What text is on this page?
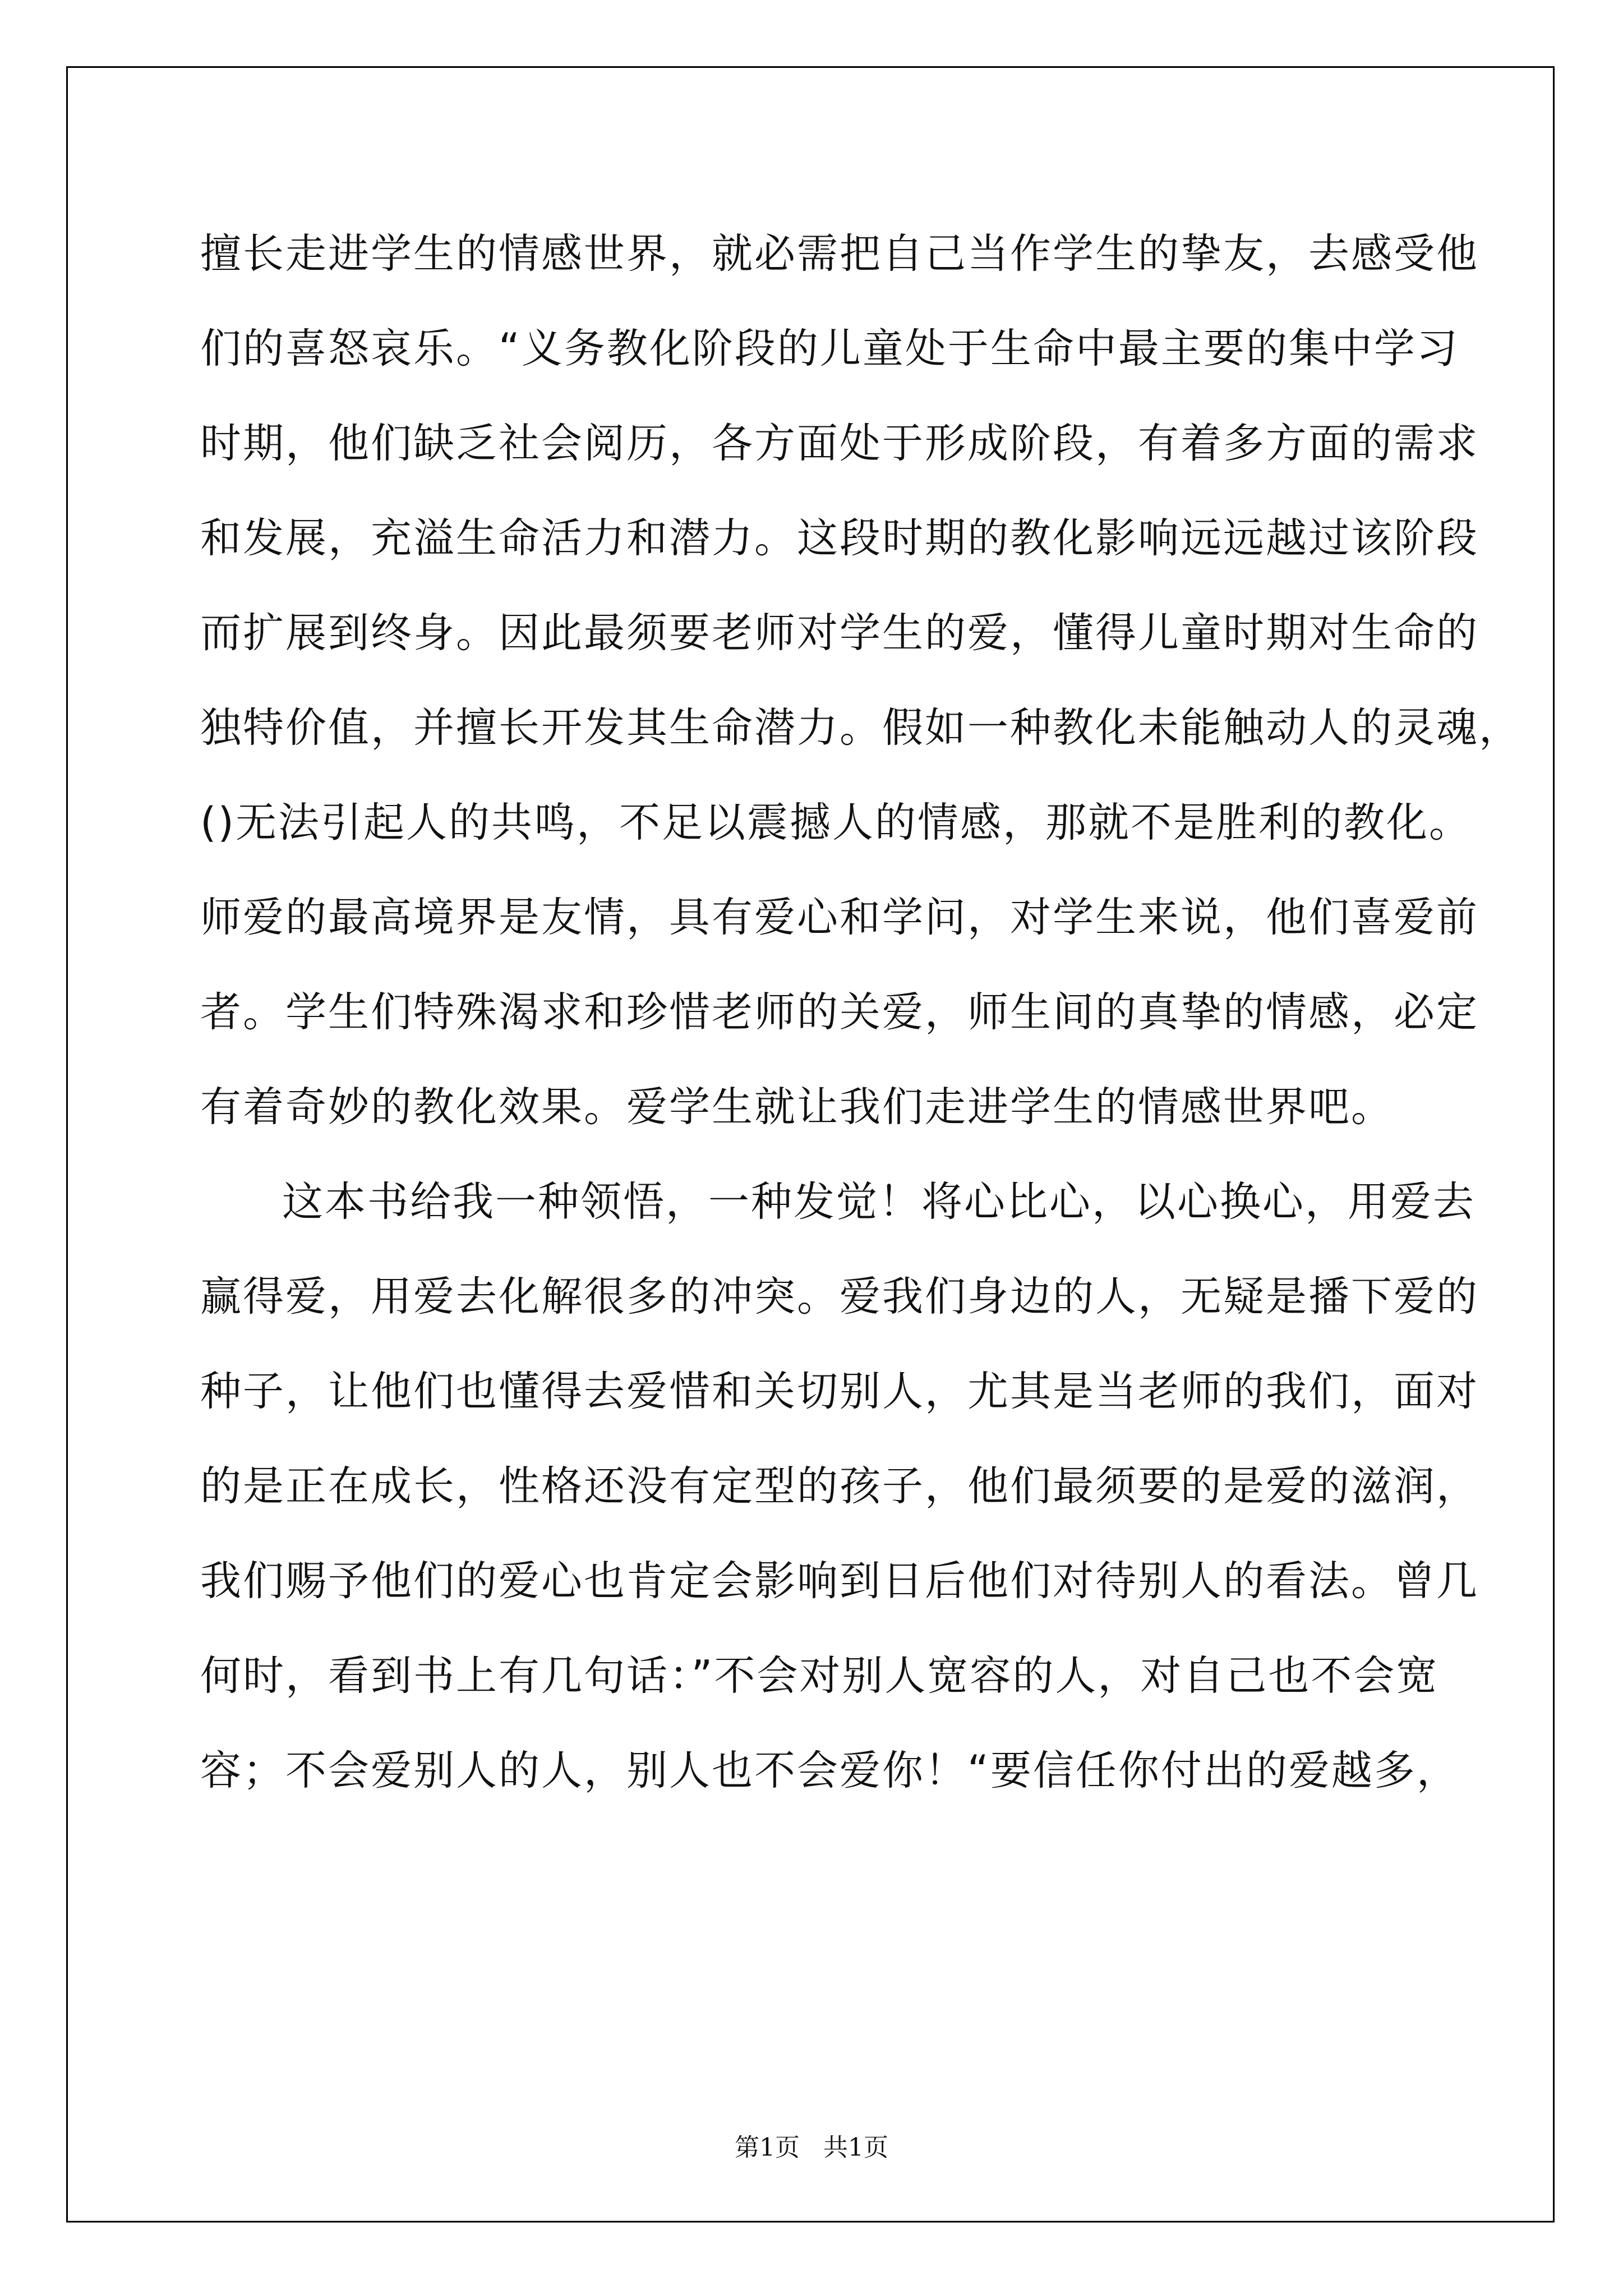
擅长走进学生的情感世界，就必需把自己当作学生的挚友，去感受他
们的喜怒哀乐。“义务教化阶段的儿童处于生命中最主要的集中学习
时期，他们缺乏社会阅历，各方面处于形成阶段，有着多方面的需求
和发展，充溢生命活力和潜力。这段时期的教化影响远远越过该阶段
而扩展到终身。因此最须要老师对学生的爱，懂得儿童时期对生命的
独特价值，并擅长开发其生命潜力。假如一种教化未能触动人的灵魂，
()无法引起人的共鸣，不足以震撼人的情感，那就不是胜利的教化。
师爱的最高境界是友情，具有爱心和学问，对学生来说，他们喜爱前
者。学生们特殊渴求和珍惜老师的关爱，师生间的真挚的情感，必定
有着奇妙的教化效果。爱学生就让我们走进学生的情感世界吧。
这本书给我一种领悟，一种发觉！将心比心，以心换心，用爱去
赢得爱，用爱去化解很多的冲突。爱我们身边的人，无疑是播下爱的
种子，让他们也懂得去爱惜和关切别人，尤其是当老师的我们，面对
的是正在成长，性格还没有定型的孩子，他们最须要的是爱的滋润，
我们赐予他们的爱心也肯定会影响到日后他们对待别人的看法。曾几
何时，看到书上有几句话：”不会对别人宽容的人，对自己也不会宽
容；不会爱别人的人，别人也不会爱你！“要信任你付出的爱越多，
第1页   共1页
